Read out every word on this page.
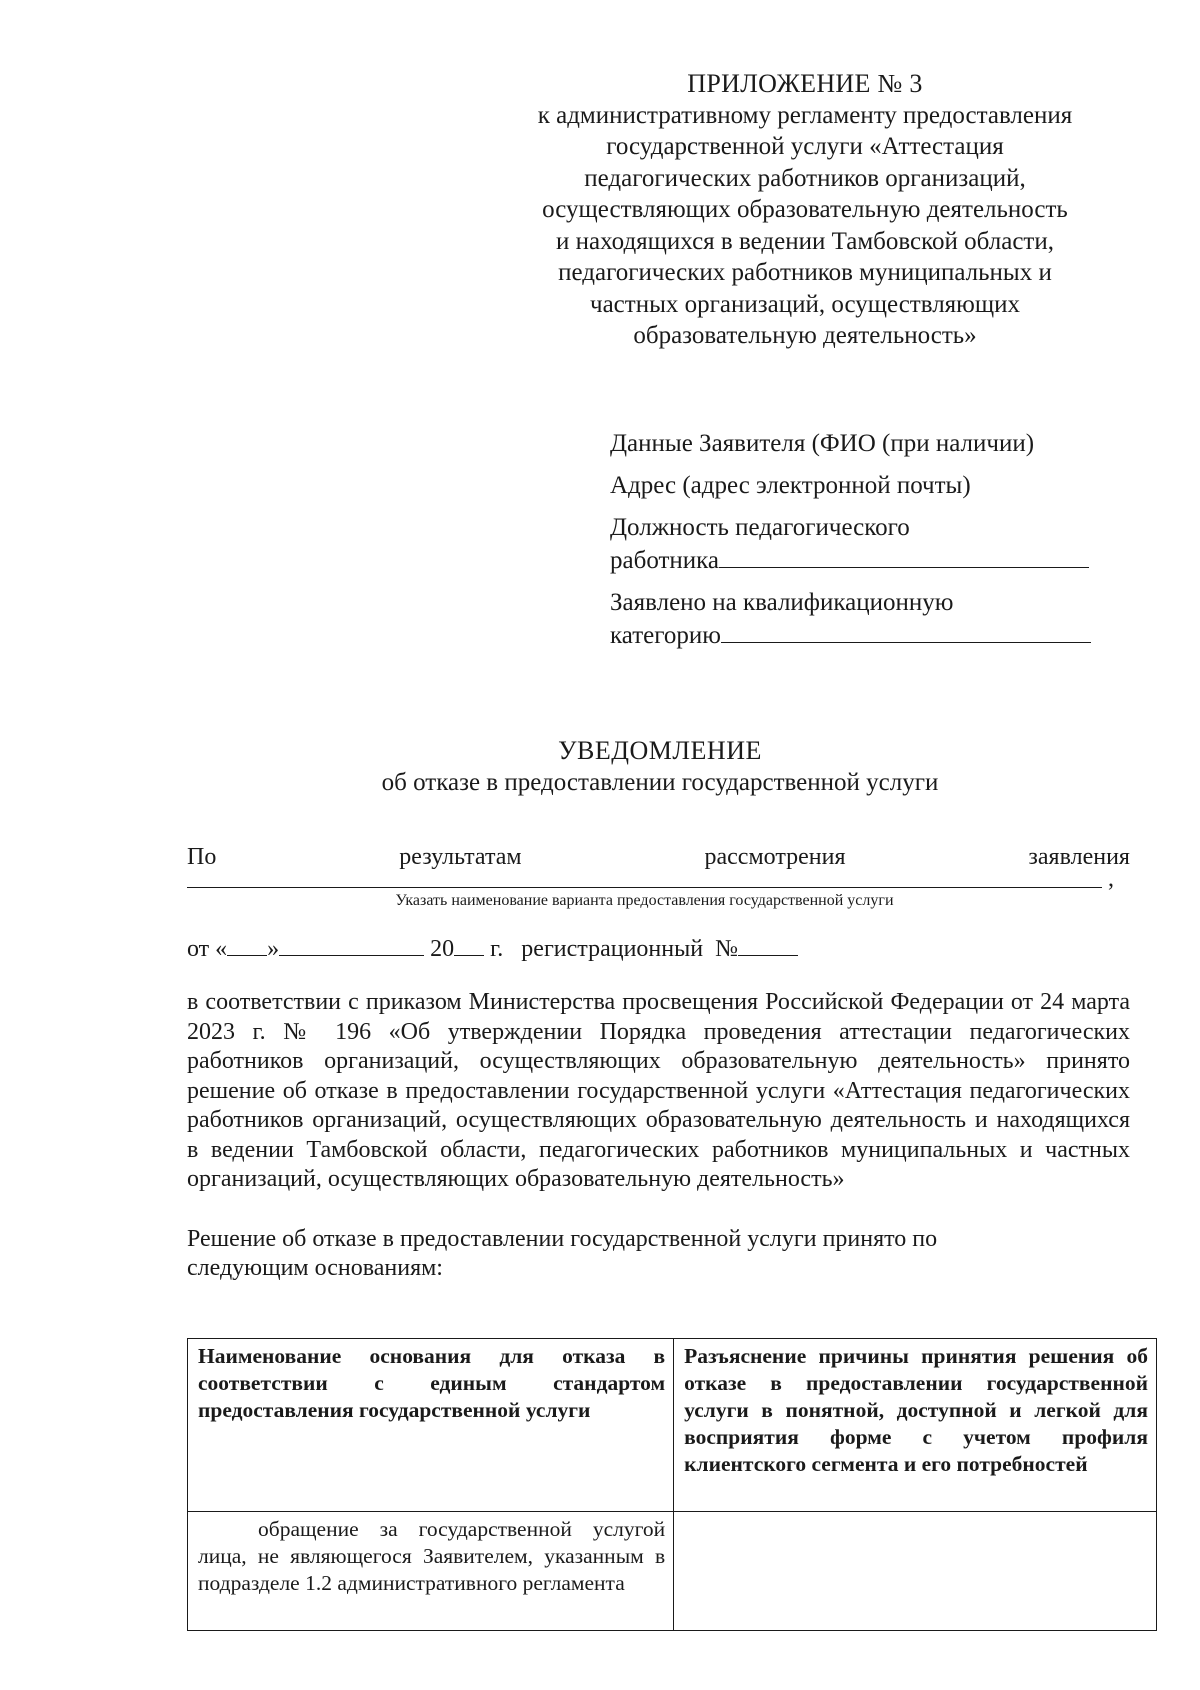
ПРИЛОЖЕНИЕ № 3
к административному регламенту предоставления
государственной услуги «Аттестация
педагогических работников организаций,
осуществляющих образовательную деятельность
и находящихся в ведении Тамбовской области,
педагогических работников муниципальных и
частных организаций, осуществляющих
образовательную деятельность»
Данные Заявителя (ФИО (при наличии)
Адрес (адрес электронной почты)
Должность педагогического
работника
Заявлено на квалификационную
категорию
УВЕДОМЛЕНИЕ
об отказе в предоставлении государственной услуги
По	результатам	рассмотрения	заявления
,
Указать наименование варианта предоставления государственной услуги
от « »	20 г.   регистрационный  №
в соответствии с приказом Министерства просвещения Российской Федерации от 24 марта 2023 г. № 196 «Об утверждении Порядка проведения аттестации педагогических работников организаций, осуществляющих образовательную деятельность» принято решение об отказе в предоставлении государственной услуги «Аттестация педагогических работников организаций, осуществляющих образовательную деятельность и находящихся в ведении Тамбовской области, педагогических работников муниципальных и частных организаций, осуществляющих образовательную деятельность»
Решение об отказе в предоставлении государственной услуги принято по следующим основаниям:
Наименование основания для отказа в соответствии с единым стандартом предоставления государственной услуги	Разъяснение причины принятия решения об отказе в предоставлении государственной услуги в понятной, доступной и легкой для восприятия форме с учетом профиля клиентского сегмента и его потребностей
обращение за государственной услугой лица, не являющегося Заявителем, указанным в подразделе 1.2 административного регламента	
